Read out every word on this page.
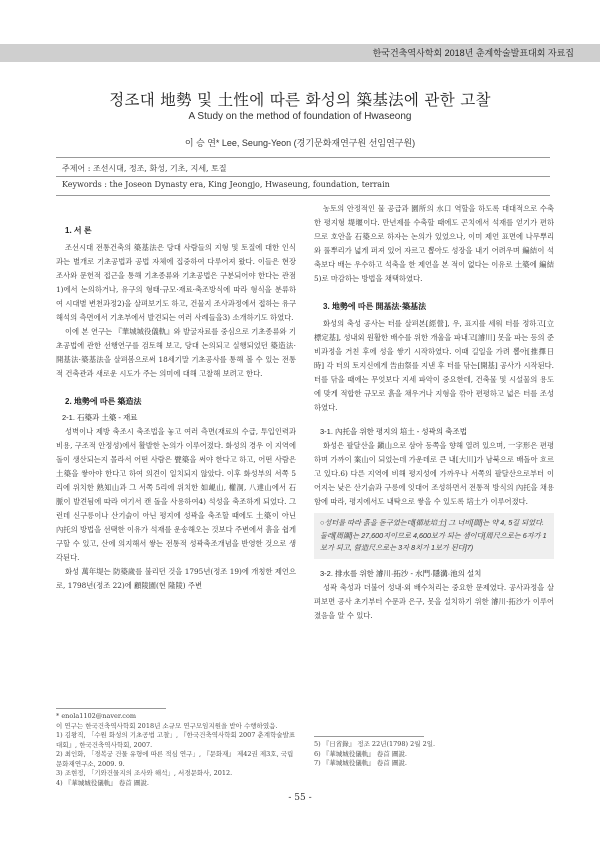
한국건축역사학회 2018년 춘계학술발표대회 자료집
정조대 地勢 및 土性에 따른 화성의 築基法에 관한 고찰
A Study on the method of foundation of Hwaseong
이 승 연* Lee, Seung-Yeon (경기문화재연구원 선임연구원)
주제어 : 조선시대, 정조, 화성, 기초, 지세, 토질
Keywords : the Joseon Dynasty era, King Jeongjo, Hwaseung, foundation, terrain

1. 서 론

조선시대 전통건축의 築基法은 당대 사람들의 지형 및 토질에 대한 인식과는 별개로 기초공법과 공법 자체에 집중하여 다루어져 왔다. 이들은 현장조사와 문헌적 접근을 통해 기초종류와 기초공법은 구분되어야 한다는 관점1)에서 논의하거나, 유구의 형태·규모·재료·축조방식에 따라 형식을 분류하여 시대별 변천과정2)을 살펴보기도 하고, 건물지 조사과정에서 접하는 유구 해석의 측면에서 기초부에서 발견되는 여러 사례들을3) 소개하기도 하였다.

이에 본 연구는 『華城城役儀軌』와 발굴자료를 중심으로 기초종류와 기초공법에 관한 선행연구를 검토해 보고, 당대 논의되고 실행되었던 築造法·開基法·築基法을 살펴봄으로써 18세기말 기초공사를 통해 볼 수 있는 전통적 건축관과 새로운 시도가 주는 의미에 대해 고찰해 보려고 한다.

2. 地勢에 따른 築造法

2-1. 石築과 土築 - 재료

성벽이나 제방 축조시 축조법을 놓고 여러 측면(재료의 수급, 투입인력과 비용, 구조적 안정성)에서 활발한 논의가 이루어졌다. 화성의 경우 이 지역에 돌이 생산되는지 몰라서 어떤 사람은 甓築을 써야 한다고 하고, 어떤 사람은 土築을 쌓아야 한다고 하여 의견이 일치되지 않았다. 이후 화성부의 서쪽 5리에 위치한 熟知山과 그 서쪽 5리에 위치한 如峴山, 權洞, 八達山에서 石脈이 발견됨에 따라 여기서 캔 돌을 사용하여4) 석성을 축조하게 되었다. 그런데 신구릉이나 산기슭이 아닌 평지에 성곽을 축조할 때에도 土築이 아닌 內托의 방법을 선택한 이유가 석재를 운송해오는 것보다 주변에서 흙을 쉽게 구할 수 있고, 산에 의지해서 쌓는 전통적 성곽축조개념을 반영한 것으로 생각된다.

화성 萬年堤는 防築歲를 불리던 것을 1795년(정조 19)에 개칭한 제언으로, 1798년(정조 22)에 顧陵園(현 隆陵) 주변

농토의 안정적인 물 공급과 園所의 水口 역할을 하도록 대대적으로 수축한 평지형 堤堰이다. 만년제를 수축할 때에도 곤치에서 석재를 얻기가 편하므로 호안을 石築으로 하자는 논의가 있었으나, 이미 제언 표면에 나무뿌리와 풀뿌리가 넓게 퍼져 있어 자르고 뽑아도 성장을 내기 어려우며 編結이 석축보다 배는 우수하고 석축을 한 제언을 본 적이 없다는 이유로 土築에 編結5)로 마감하는 방법을 채택하였다.

3. 地勢에 따른 開基法·築基法

화성의 축성 공사는 터를 살펴본[經營], 우, 표지를 세워 터를 정하고[立標定基], 성내외 원활한 배수를 위한 개울을 파내고[濬川] 못을 파는 등의 준비과정을 거친 후에 성을 쌓기 시작하였다. 이때 길일을 가려 뽑아[推擇日時] 각 터의 토지신에게 告由祭를 지낸 후 터를 닦는[開基] 공사가 시작된다. 터를 닦을 때에는 무엇보다 지세 파악이 중요한데, 건축물 및 시설물의 용도에 맞게 적합한 규모로 흙을 채우거나 지형을 깎아 편평하고 넓은 터를 조성하였다.

3-1. 內托을 위한 평지의 培土 - 성곽의 축조법

화성은 팔달산을 鎭山으로 삼아 동쪽을 향해 열려 있으며, 一字形은 편평하며 가까이 案山이 되었는데 가운데로 큰 내[大川]가 남북으로 배돌아 흐르고 있다.6) 다른 지역에 비해 평지성에 가까우나 서쪽의 팔달산으로부터 이어지는 낮은 산기슭과 구릉에 잇대어 조성하면서 전통적 방식의 內托을 채용함에 따라, 평지에서도 내탁으로 쌓을 수 있도록 培土가 이루어졌다.

○성터를 따라 흙을 돋구었는데[循址培土] 그 너비[闊]는 약 4, 5길 되었다. 둘레[周圍]는 27,600지이므로 4,600보가 되는 셈이다[周尺으로는 6자가 1보가 되고, 營造尺으로는 3자 8치가 1보가 된다]7)

3-2. 排水를 위한 濬川·拓沙 - 水門·隱溝·池의 설치

성곽 축성과 더불어 성내·외 배수처리는 중요한 문제였다. 공사과정을 살펴보면 공사 초기부터 수문과 은구, 못을 설치하기 위한 濬川·拓沙가 이루어졌음을 알 수 있다.

* enola1102@naver.com
이 연구는 한국건축역사학회 2018년 소규모 연구모임지원을 받아 수행하였음.
1) 김왕직, 「수원 화성의 기초공법 고찰」, 『한국건축역사학회 2007 춘계학술발표대회』, 한국건축역사학회, 2007.
2) 최인화, 「경복궁 건물 유형에 따른 적심 연구」, 『문화재』 제42권 제3호, 국립문화재연구소, 2009. 9.
3) 조현정, 「기와건물지의 조사와 해석」, 서경문화사, 2012.
4) 『華城城役儀軌』 卷首 圖說.
5) 『日省錄』 정조 22년(1798) 2월 2일.
6) 『華城城役儀軌』 卷首 圖說.
7) 『華城城役儀軌』 卷首 圖說.
- 55 -
